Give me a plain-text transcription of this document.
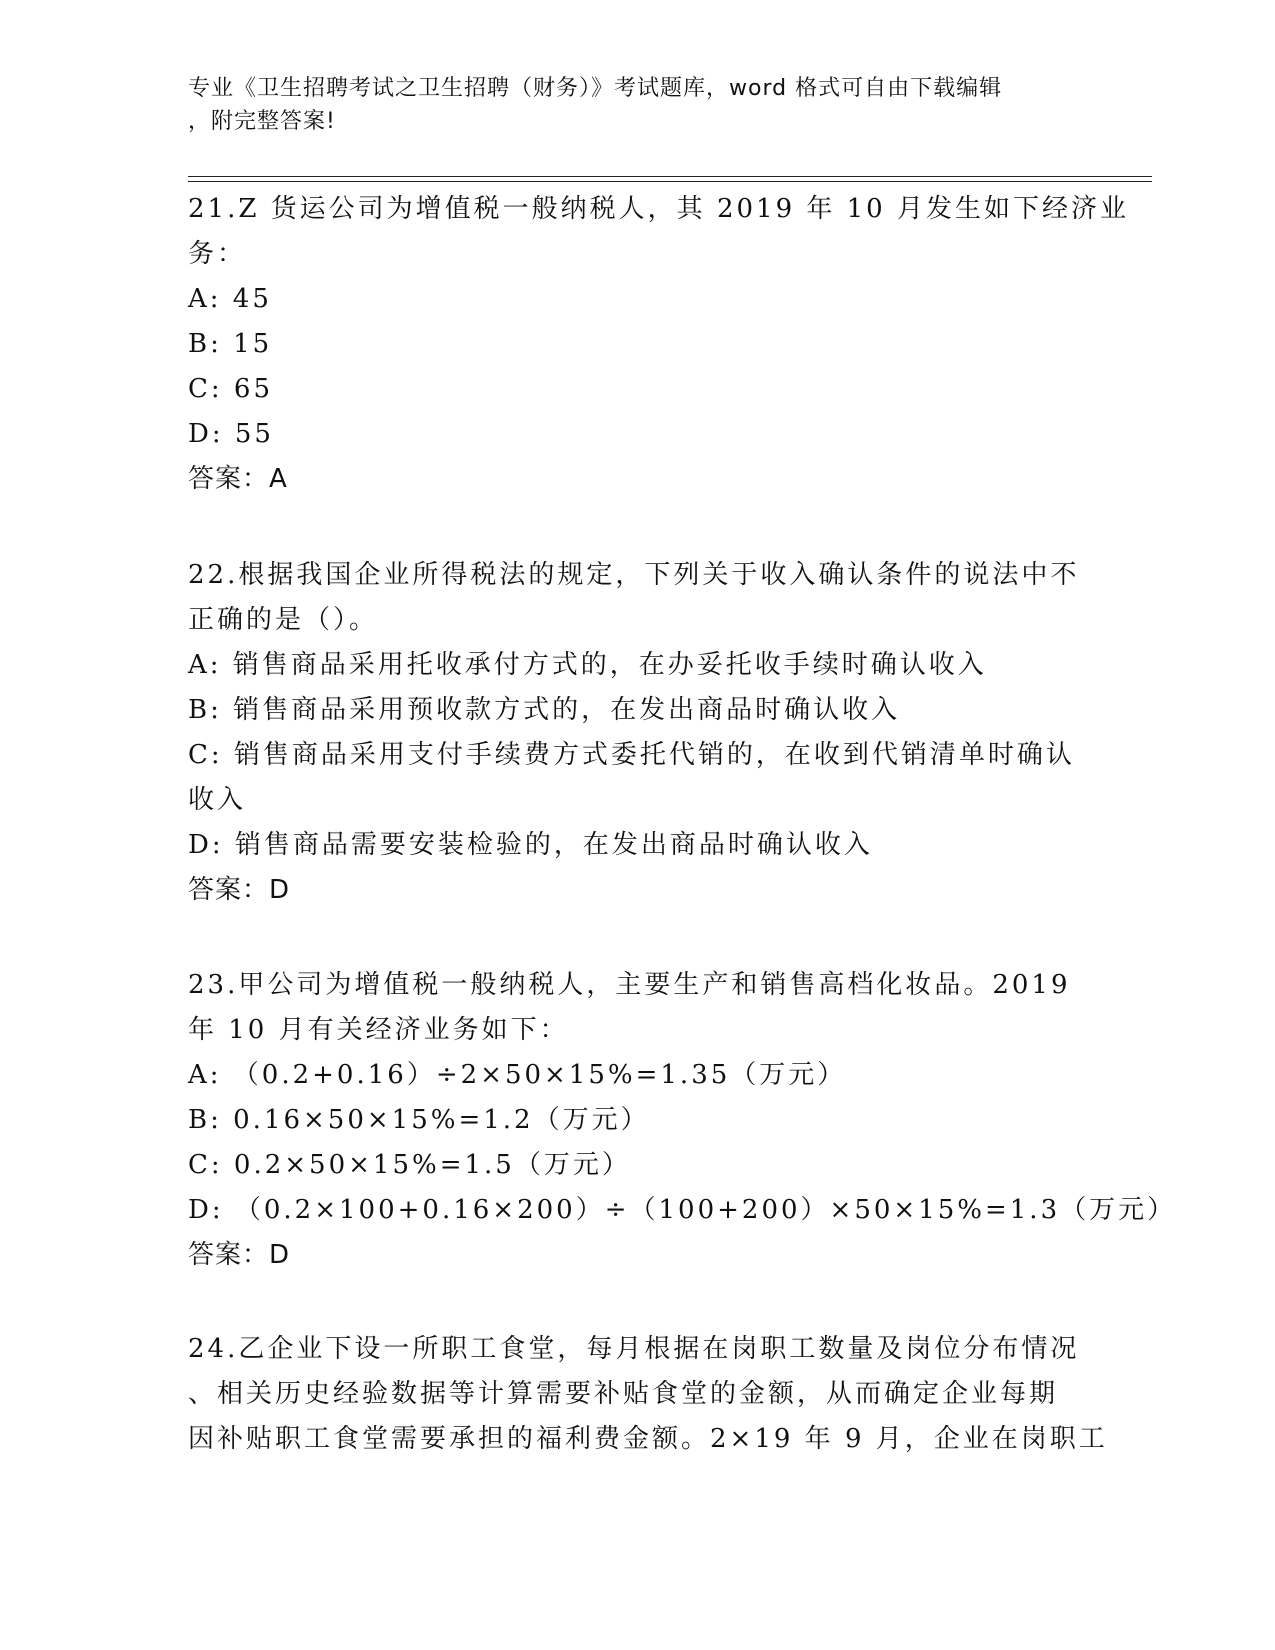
专业《卫生招聘考试之卫生招聘（财务）》考试题库，word 格式可自由下载编辑
，附完整答案!
21.Z 货运公司为增值税一般纳税人，其 2019 年 10 月发生如下经济业
务：
A: 45
B: 15
C: 65
D: 55
答案：A
22.根据我国企业所得税法的规定，下列关于收入确认条件的说法中不
正确的是（）。
A: 销售商品采用托收承付方式的，在办妥托收手续时确认收入
B: 销售商品采用预收款方式的，在发出商品时确认收入
C: 销售商品采用支付手续费方式委托代销的，在收到代销清单时确认
收入
D: 销售商品需要安装检验的，在发出商品时确认收入
答案：D
23.甲公司为增值税一般纳税人，主要生产和销售高档化妆品。2019
年 10 月有关经济业务如下：
A: （0.2+0.16）÷2×50×15%=1.35（万元）
B: 0.16×50×15%=1.2（万元）
C: 0.2×50×15%=1.5（万元）
D: （0.2×100+0.16×200）÷（100+200）×50×15%=1.3（万元）
答案：D
24.乙企业下设一所职工食堂，每月根据在岗职工数量及岗位分布情况
、相关历史经验数据等计算需要补贴食堂的金额，从而确定企业每期
因补贴职工食堂需要承担的福利费金额。2×19 年 9 月，企业在岗职工
